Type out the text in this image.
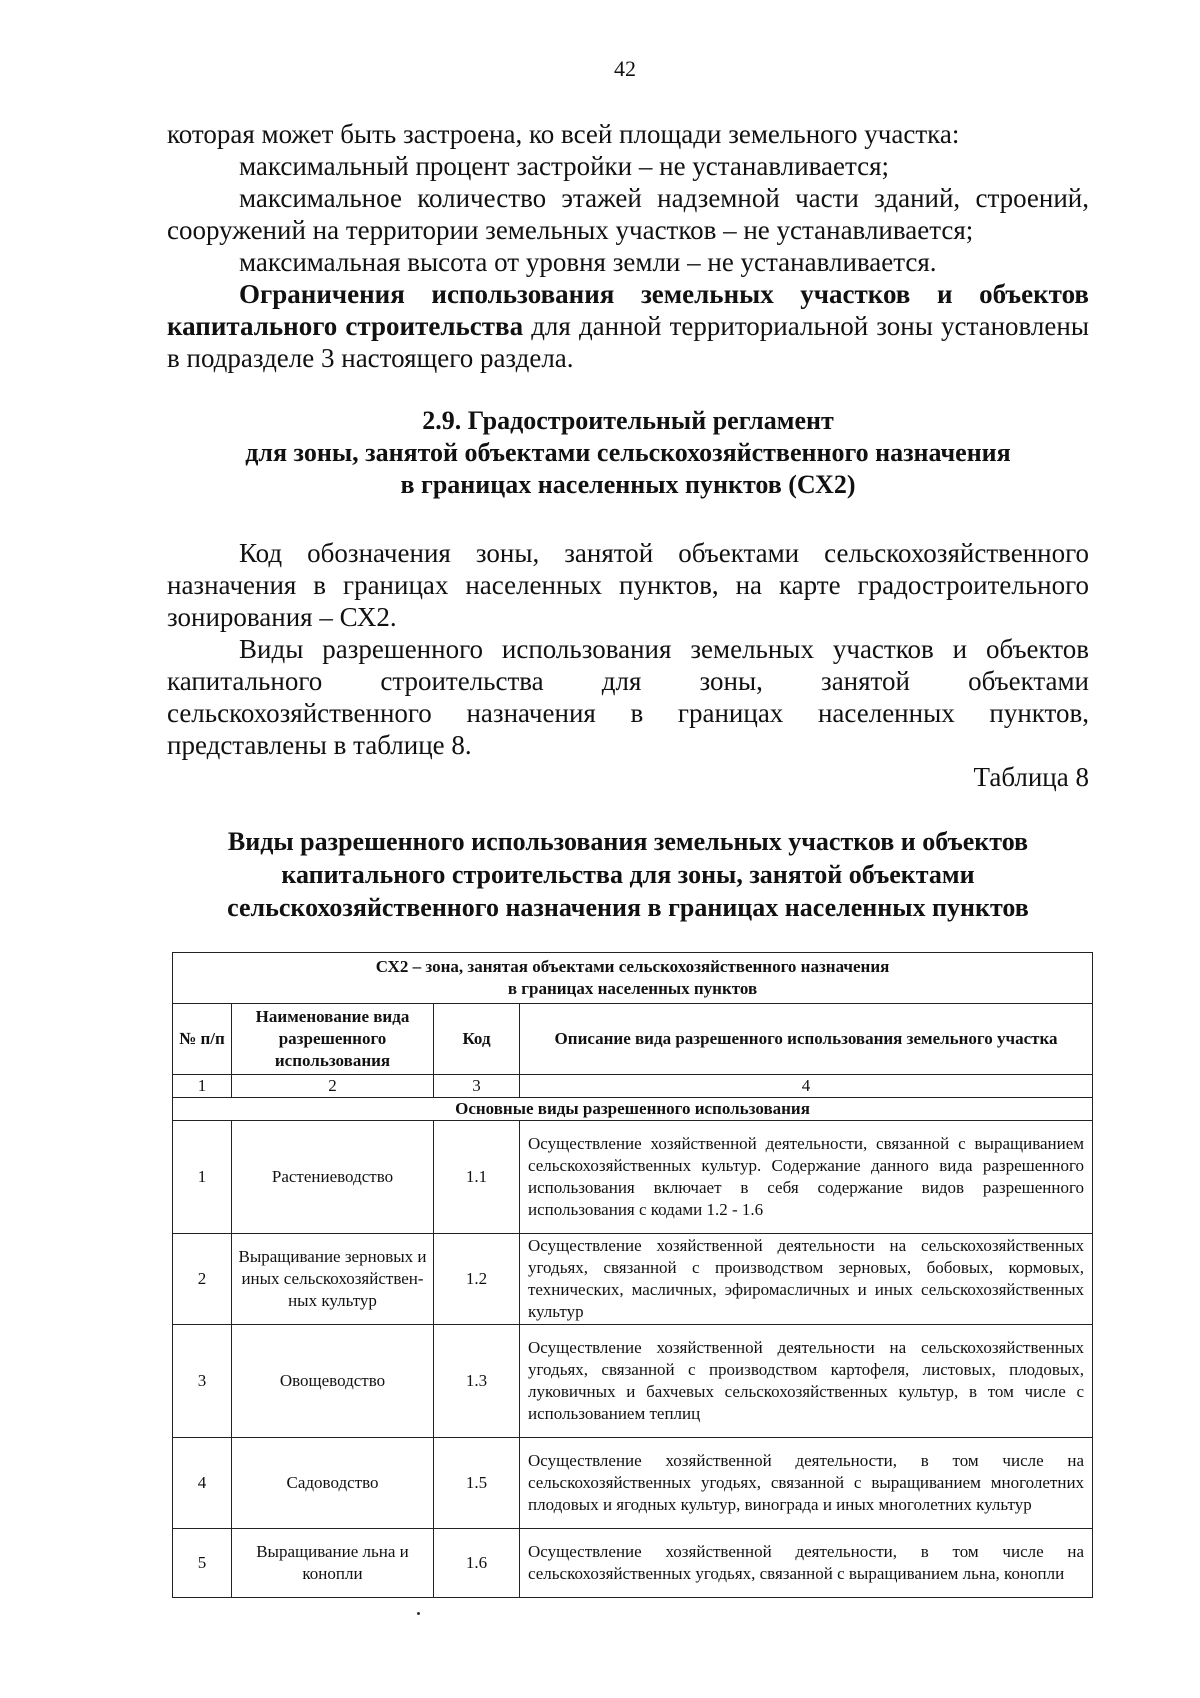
42

которая может быть застроена, ко всей площади земельного участка:

максимальный процент застройки – не устанавливается;

максимальное количество этажей надземной части зданий, строений, сооружений на территории земельных участков – не устанавливается;

максимальная высота от уровня земли – не устанавливается.

Ограничения использования земельных участков и объектов капитального строительства для данной территориальной зоны установлены в подразделе 3 настоящего раздела.

2.9. Градостроительный регламент
для зоны, занятой объектами сельскохозяйственного назначения
в границах населенных пунктов (СХ2)

Код обозначения зоны, занятой объектами сельскохозяйственного назначения в границах населенных пунктов, на карте градостроительного зонирования – СХ2.

Виды разрешенного использования земельных участков и объектов капитального строительства для зоны, занятой объектами сельскохозяйственного назначения в границах населенных пунктов, представлены в таблице 8.

Таблица 8
Виды разрешенного использования земельных участков и объектов
капитального строительства для зоны, занятой объектами
сельскохозяйственного назначения в границах населенных пунктов
СХ2 – зона, занятая объектами сельскохозяйственного назначения
в границах населенных пунктов			

№ п/п	Наименование вида разрешенного использования	Код	Описание вида разрешенного использования земельного участка
1	2	3	4
Основные виды разрешенного использования			
1	Растениеводство	1.1	Осуществление хозяйственной деятельности, связанной с выращиванием сельскохозяйственных культур. Содержание данного вида разрешенного использования включает в себя содержание видов разрешенного использования с кодами 1.2 - 1.6
2	Выращивание зерновых и иных сельскохозяйствен-ных культур	1.2	Осуществление хозяйственной деятельности на сельскохозяйственных угодьях, связанной с производством зерновых, бобовых, кормовых, технических, масличных, эфиромасличных и иных сельскохозяйственных культур
3	Овощеводство	1.3	Осуществление хозяйственной деятельности на сельскохозяйственных угодьях, связанной с производством картофеля, листовых, плодовых, луковичных и бахчевых сельскохозяйственных культур, в том числе с использованием теплиц
4	Садоводство	1.5	Осуществление хозяйственной деятельности, в том числе на сельскохозяйственных угодьях, связанной с выращиванием многолетних плодовых и ягодных культур, винограда и иных многолетних культур
5	Выращивание льна и конопли	1.6	Осуществление хозяйственной деятельности, в том числе на сельскохозяйственных угодьях, связанной с выращиванием льна, конопли
